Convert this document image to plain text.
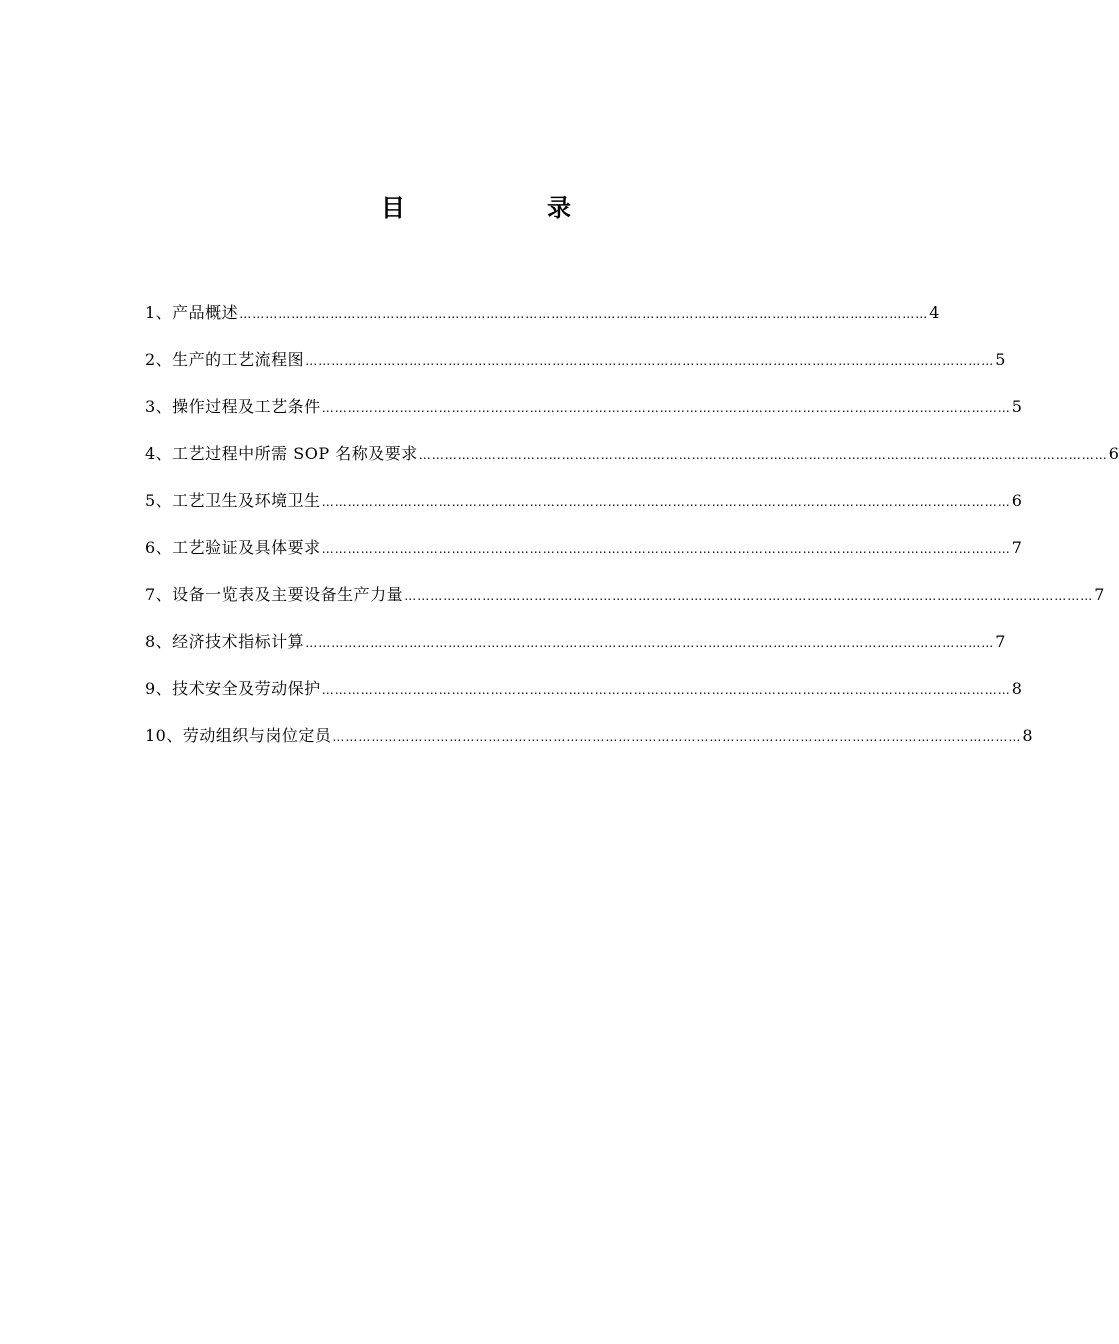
目	录
1、产品概述 …………………………………………………………………………………………………………………………………………… 4
2、生产的工艺流程图 …………………………………………………………………………………………………………………………………………… 5
3、操作过程及工艺条件 …………………………………………………………………………………………………………………………………………… 5
4、工艺过程中所需 SOP 名称及要求 …………………………………………………………………………………………………………………………………………… 6
5、工艺卫生及环境卫生 …………………………………………………………………………………………………………………………………………… 6
6、工艺验证及具体要求 …………………………………………………………………………………………………………………………………………… 7
7、设备一览表及主要设备生产力量 …………………………………………………………………………………………………………………………………………… 7
8、经济技术指标计算 …………………………………………………………………………………………………………………………………………… 7
9、技术安全及劳动保护 …………………………………………………………………………………………………………………………………………… 8
10、劳动组织与岗位定员 …………………………………………………………………………………………………………………………………………… 8
